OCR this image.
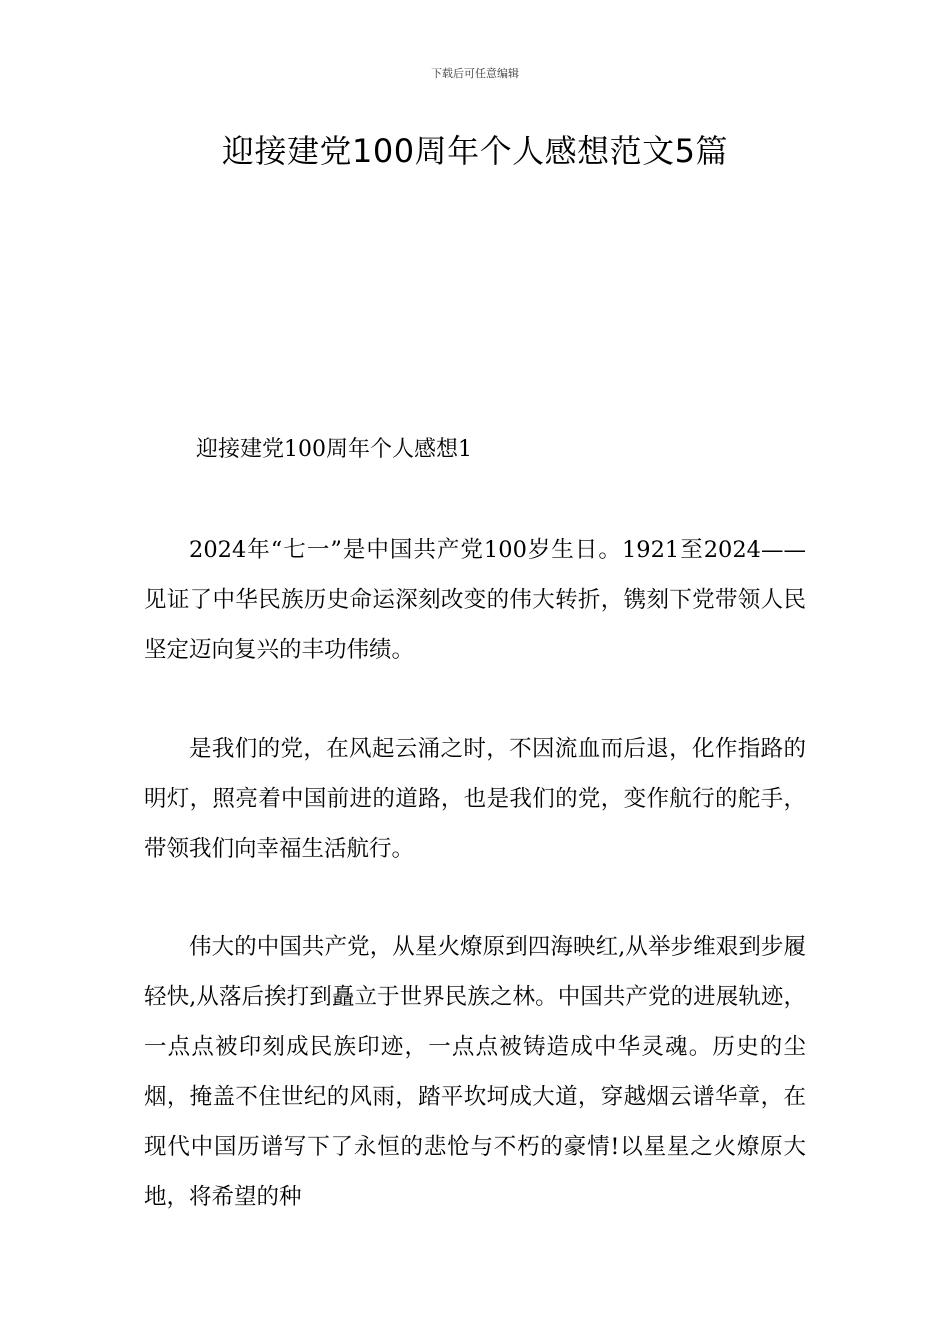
下载后可任意编辑
迎接建党100周年个人感想范文5篇
迎接建党100周年个人感想1

2024年“七一”是中国共产党100岁生日。1921至2024——见证了中华民族历史命运深刻改变的伟大转折，镌刻下党带领人民坚定迈向复兴的丰功伟绩。

是我们的党，在风起云涌之时，不因流血而后退，化作指路的明灯，照亮着中国前进的道路，也是我们的党，变作航行的舵手，带领我们向幸福生活航行。

伟大的中国共产党，从星火燎原到四海映红,从举步维艰到步履轻快,从落后挨打到矗立于世界民族之林。中国共产党的进展轨迹，一点点被印刻成民族印迹，一点点被铸造成中华灵魂。历史的尘烟，掩盖不住世纪的风雨，踏平坎坷成大道，穿越烟云谱华章，在现代中国历谱写下了永恒的悲怆与不朽的豪情!以星星之火燎原大地，将希望的种
